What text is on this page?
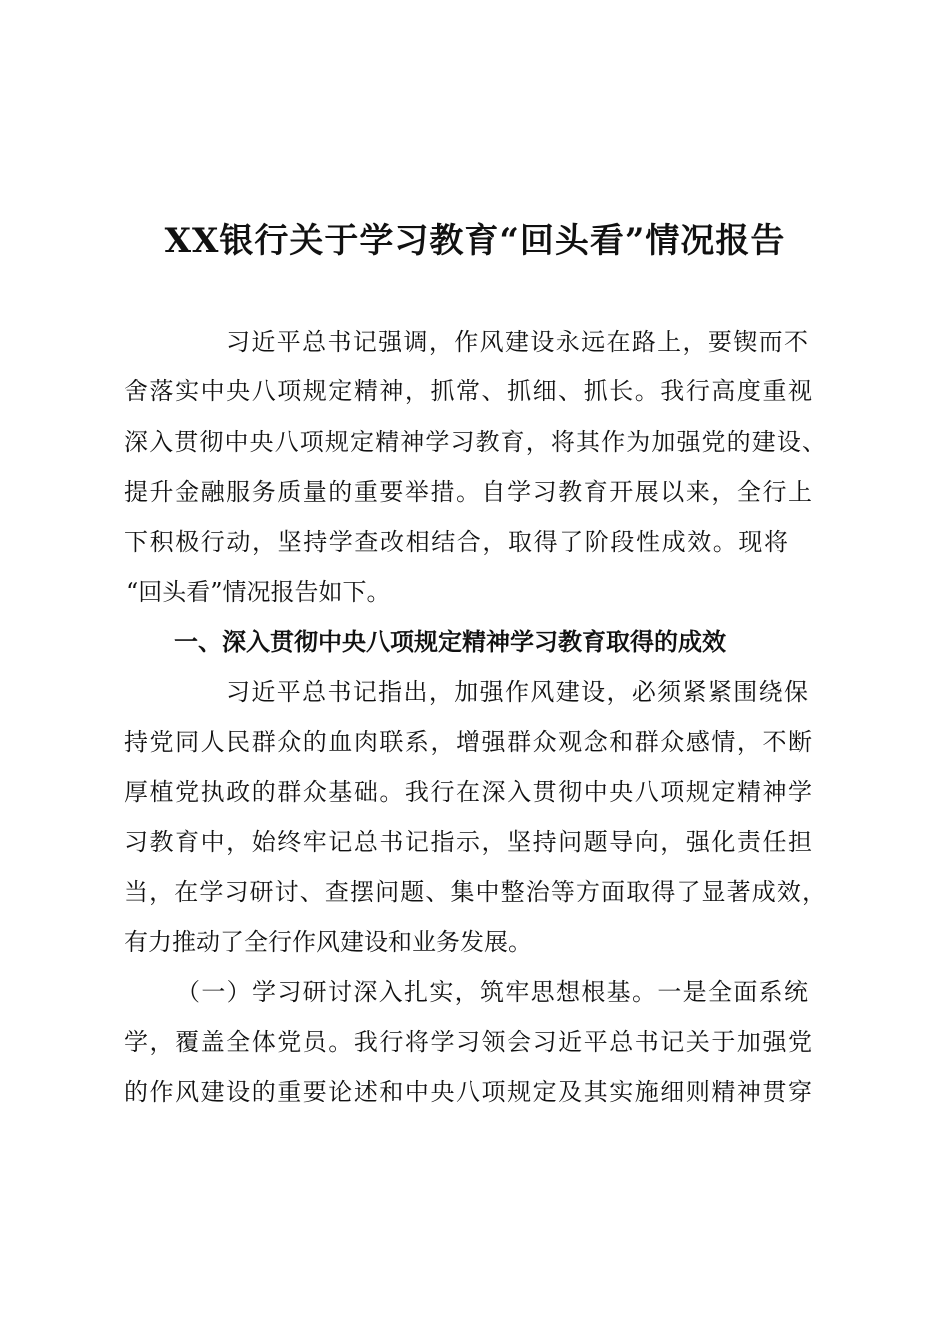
XX银行关于学习教育“回头看”情况报告
习近平总书记强调，作风建设永远在路上，要锲而不
舍落实中央八项规定精神，抓常、抓细、抓长。我行高度重视
深入贯彻中央八项规定精神学习教育，将其作为加强党的建设、
提升金融服务质量的重要举措。自学习教育开展以来，全行上
下积极行动，坚持学查改相结合，取得了阶段性成效。现将
“回头看”情况报告如下。
一、深入贯彻中央八项规定精神学习教育取得的成效
习近平总书记指出，加强作风建设，必须紧紧围绕保
持党同人民群众的血肉联系，增强群众观念和群众感情，不断
厚植党执政的群众基础。我行在深入贯彻中央八项规定精神学
习教育中，始终牢记总书记指示，坚持问题导向，强化责任担
当，在学习研讨、查摆问题、集中整治等方面取得了显著成效，
有力推动了全行作风建设和业务发展。
（一）学习研讨深入扎实，筑牢思想根基。一是全面系统
学，覆盖全体党员。我行将学习领会习近平总书记关于加强党
的作风建设的重要论述和中央八项规定及其实施细则精神贯穿
